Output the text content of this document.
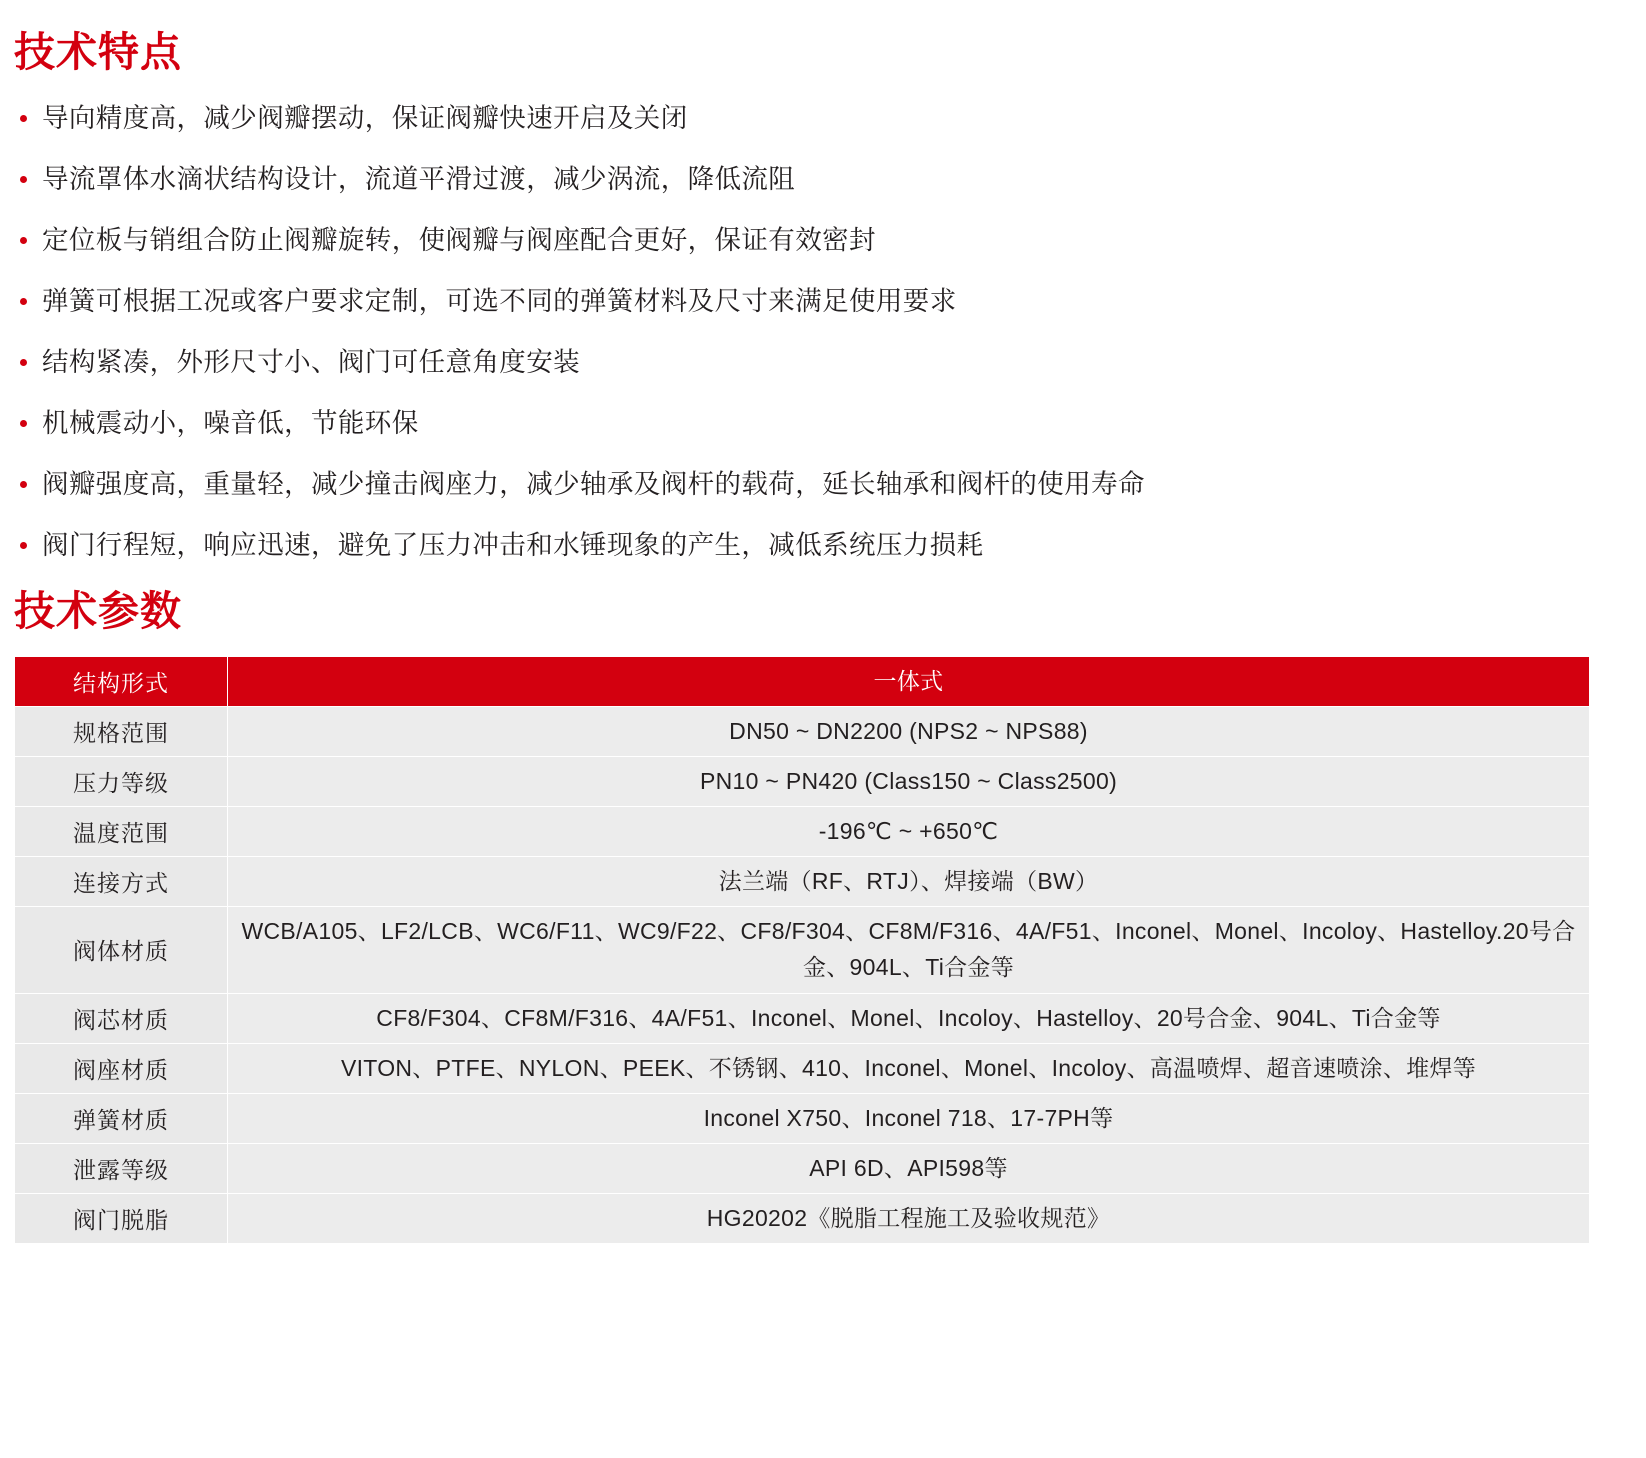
技术特点
导向精度高，减少阀瓣摆动，保证阀瓣快速开启及关闭
导流罩体水滴状结构设计，流道平滑过渡，减少涡流，降低流阻
定位板与销组合防止阀瓣旋转，使阀瓣与阀座配合更好，保证有效密封
弹簧可根据工况或客户要求定制，可选不同的弹簧材料及尺寸来满足使用要求
结构紧凑，外形尺寸小、阀门可任意角度安装
机械震动小，噪音低，节能环保
阀瓣强度高，重量轻，减少撞击阀座力，减少轴承及阀杆的载荷，延长轴承和阀杆的使用寿命
阀门行程短，响应迅速，避免了压力冲击和水锤现象的产生，减低系统压力损耗
技术参数
结构形式	一体式
规格范围	DN50 ~ DN2200 (NPS2 ~ NPS88)
压力等级	PN10 ~ PN420 (Class150 ~ Class2500)
温度范围	-196℃ ~ +650℃
连接方式	法兰端（RF、RTJ）、焊接端（BW）
阀体材质	WCB/A105、LF2/LCB、WC6/F11、WC9/F22、CF8/F304、CF8M/F316、4A/F51、Inconel、Monel、Incoloy、Hastelloy.20号合金、904L、Ti合金等
阀芯材质	CF8/F304、CF8M/F316、4A/F51、Inconel、Monel、Incoloy、Hastelloy、20号合金、904L、Ti合金等
阀座材质	VITON、PTFE、NYLON、PEEK、不锈钢、410、Inconel、Monel、Incoloy、高温喷焊、超音速喷涂、堆焊等
弹簧材质	Inconel X750、Inconel 718、17-7PH等
泄露等级	API 6D、API598等
阀门脱脂	HG20202《脱脂工程施工及验收规范》
